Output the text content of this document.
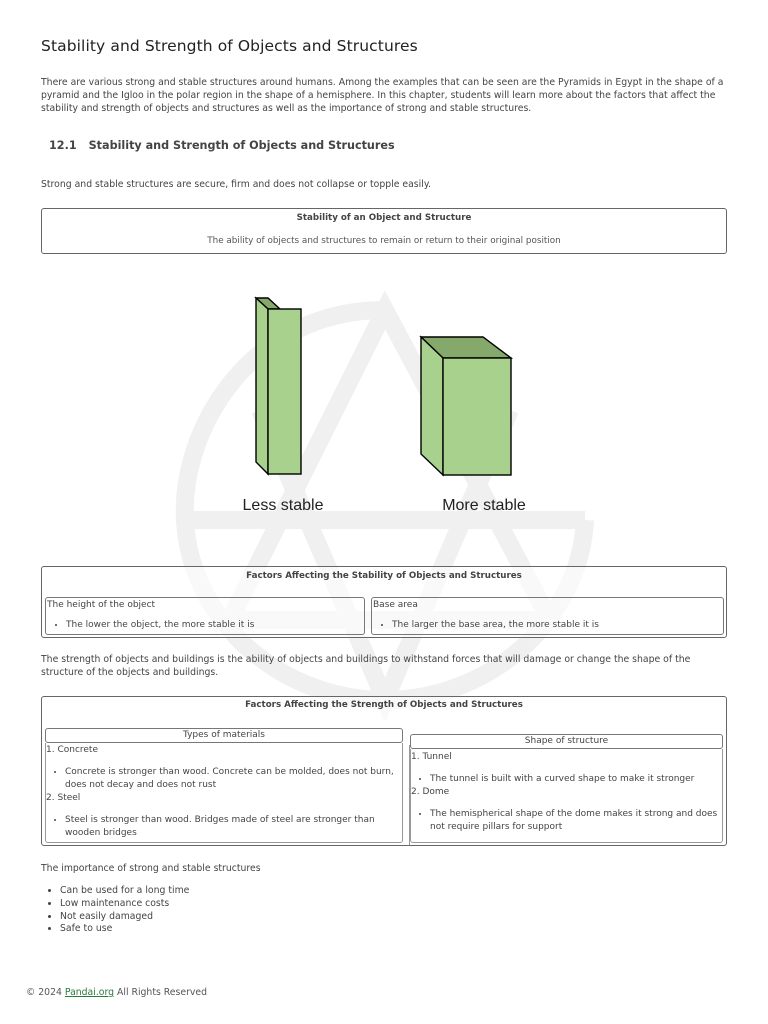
Stability and Strength of Objects and Structures

There are various strong and stable structures around humans. Among the examples that can be seen are the Pyramids in Egypt in the shape of a pyramid and the Igloo in the polar region in the shape of a hemisphere. In this chapter, students will learn more about the factors that affect the stability and strength of objects and structures as well as the importance of strong and stable structures.

12.1 Stability and Strength of Objects and Structures

Strong and stable structures are secure, firm and does not collapse or topple easily.

Stability of an Object and Structure
The ability of objects and structures to remain or return to their original position
Less stable	More stable
Factors Affecting the Stability of Objects and Structures
The height of the object
• The lower the object, the more stable it is
Base area
• The larger the base area, the more stable it is

The strength of objects and buildings is the ability of objects and buildings to withstand forces that will damage or change the shape of the structure of the objects and buildings.

Factors Affecting the Strength of Objects and Structures
Types of materials
1. Concrete
• Concrete is stronger than wood. Concrete can be molded, does not burn, does not decay and does not rust
2. Steel
• Steel is stronger than wood. Bridges made of steel are stronger than wooden bridges
Shape of structure
1. Tunnel
• The tunnel is built with a curved shape to make it stronger
2. Dome
• The hemispherical shape of the dome makes it strong and does not require pillars for support

The importance of strong and stable structures

• Can be used for a long time
• Low maintenance costs
• Not easily damaged
• Safe to use
© 2024 Pandai.org All Rights Reserved
